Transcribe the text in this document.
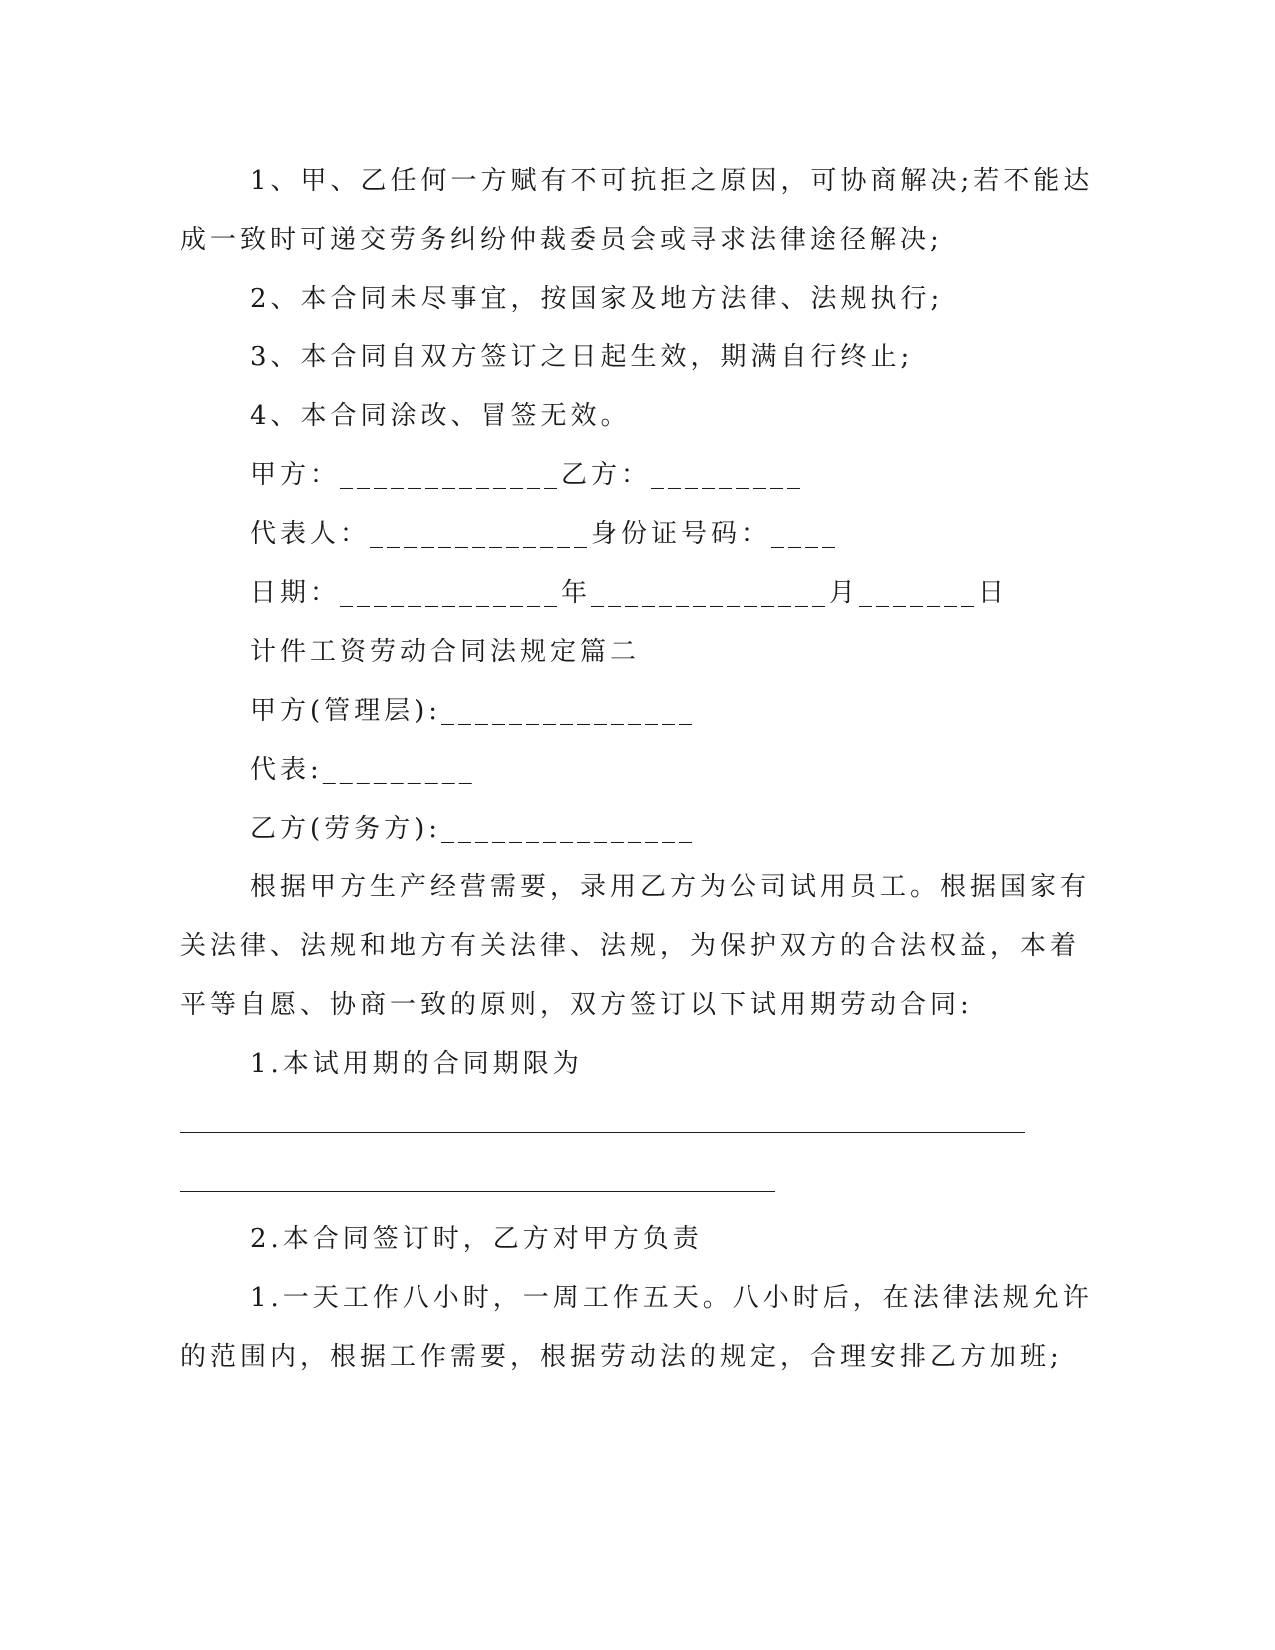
1、甲、乙任何一方赋有不可抗拒之原因，可协商解决;若不能达

成一致时可递交劳务纠纷仲裁委员会或寻求法律途径解决;

2、本合同未尽事宜，按国家及地方法律、法规执行;

3、本合同自双方签订之日起生效，期满自行终止;

4、本合同涂改、冒签无效。

甲方：_____________乙方：_________

代表人：_____________身份证号码：____

日期：_____________年______________月_______日

计件工资劳动合同法规定篇二

甲方(管理层):_______________

代表:_________

乙方(劳务方):_______________

根据甲方生产经营需要，录用乙方为公司试用员工。根据国家有

关法律、法规和地方有关法律、法规，为保护双方的合法权益，本着

平等自愿、协商一致的原则，双方签订以下试用期劳动合同:

1.本试用期的合同期限为

2.本合同签订时，乙方对甲方负责

1.一天工作八小时，一周工作五天。八小时后，在法律法规允许

的范围内，根据工作需要，根据劳动法的规定，合理安排乙方加班;
